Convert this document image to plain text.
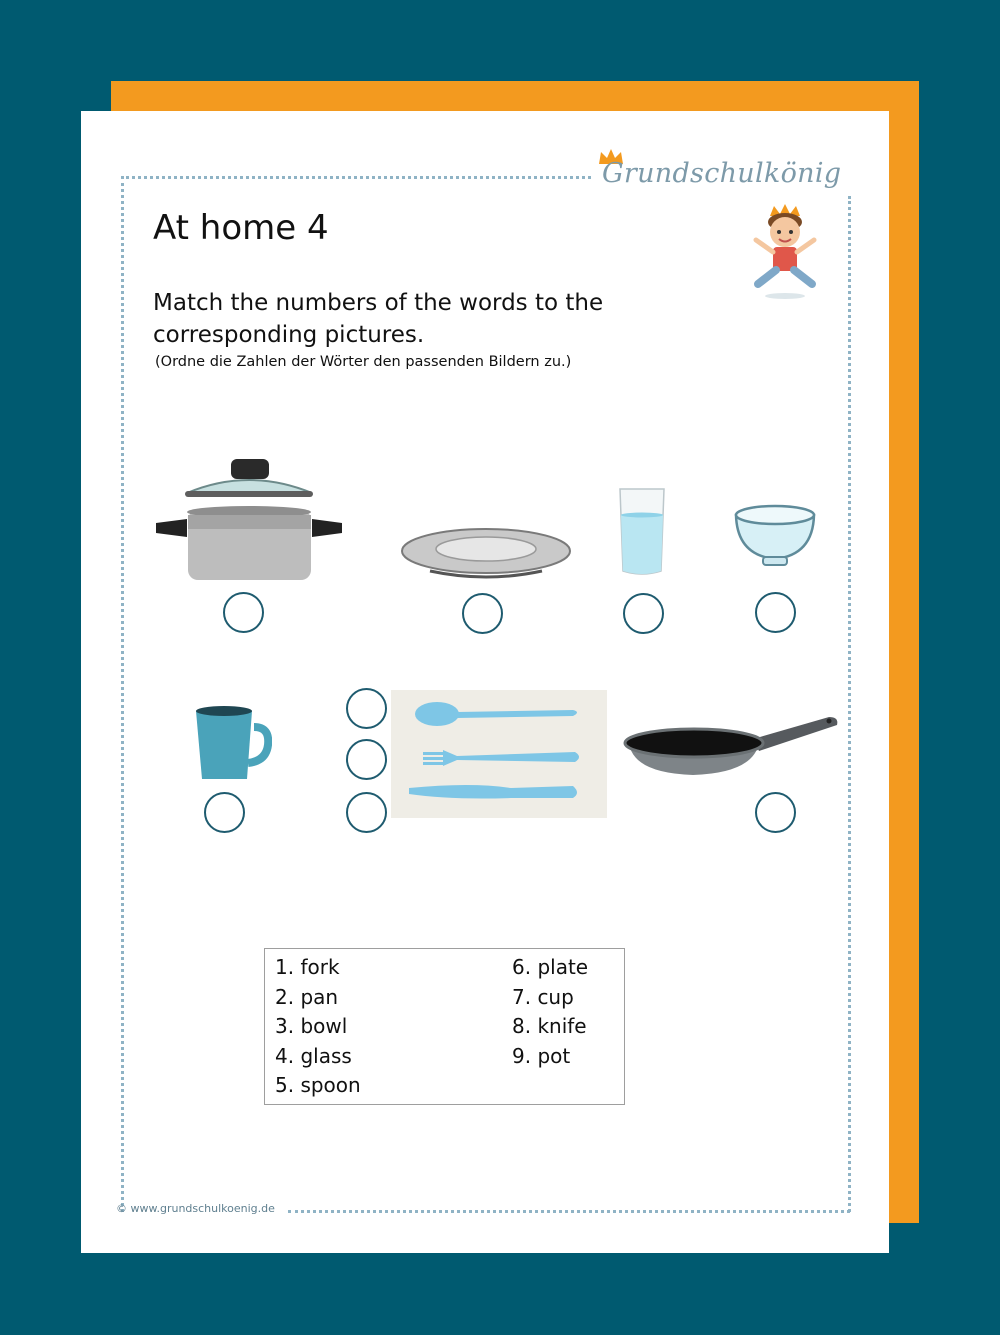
Grundschulkönig
At home 4
Match the numbers of the words to the corresponding pictures.
(Ordne die Zahlen der Wörter den passenden Bildern zu.)
1. fork
2. pan
3. bowl
4. glass
5. spoon
6. plate
7. cup
8. knife
9. pot
© www.grundschulkoenig.de
